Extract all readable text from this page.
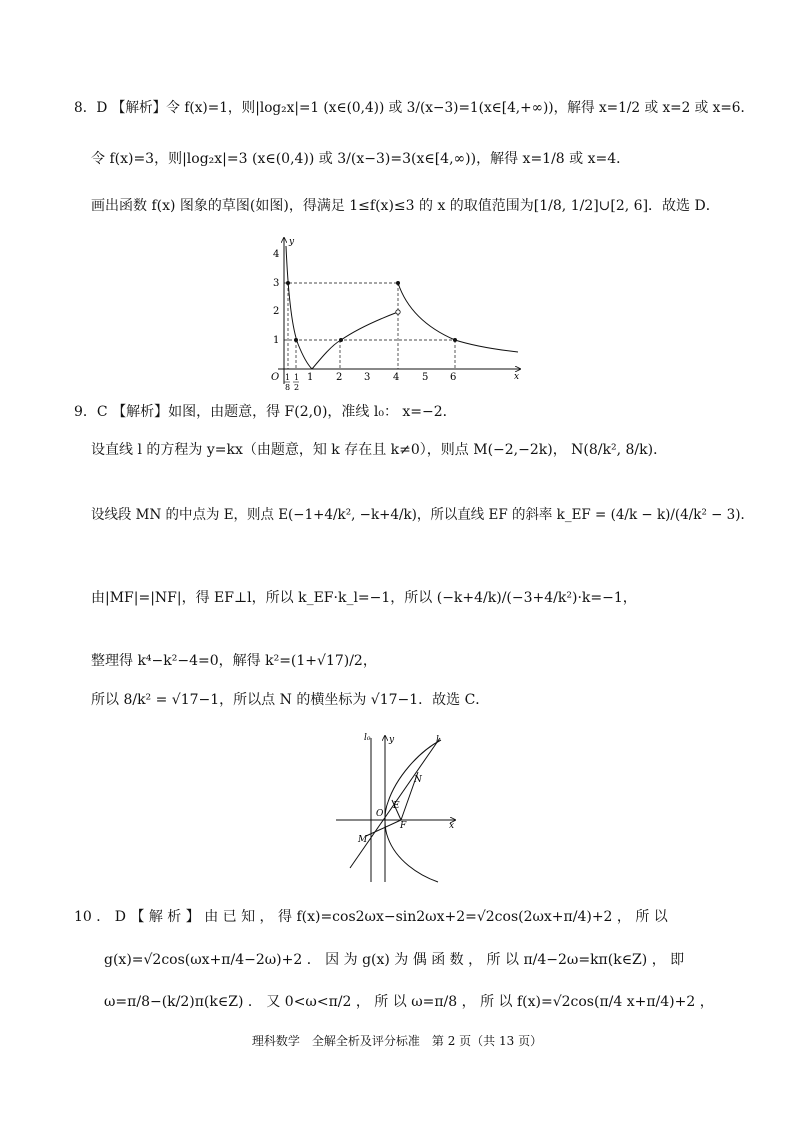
8．D 【解析】令 f(x)=1，则|log₂x|=1 (x∈(0,4)) 或 3/(x−3)=1(x∈[4,+∞))，解得 x=1/2 或 x=2 或 x=6．
令 f(x)=3，则|log₂x|=3 (x∈(0,4)) 或 3/(x−3)=3(x∈[4,∞))，解得 x=1/8 或 x=4．
画出函数 f(x) 图象的草图(如图)，得满足 1≤f(x)≤3 的 x 的取值范围为[1/8, 1/2]∪[2, 6]．故选 D．
y
x
O
1
2
3
4
1 2 3 4 5 6
1
8
1
2
9．C 【解析】如图，由题意，得 F(2,0)，准线 l₀： x=−2．
设直线 l 的方程为 y=kx（由题意，知 k 存在且 k≠0），则点 M(−2,−2k)， N(8/k², 8/k)．
设线段 MN 的中点为 E，则点 E(−1+4/k², −k+4/k)，所以直线 EF 的斜率 k_EF = (4/k − k)/(4/k² − 3)．
由|MF|=|NF|，得 EF⊥l，所以 k_EF·k_l=−1，所以 (−k+4/k)/(−3+4/k²)·k=−1，
整理得 k⁴−k²−4=0，解得 k²=(1+√17)/2，
所以 8/k² = √17−1，所以点 N 的横坐标为 √17−1．故选 C．
l₀ y	l
N
E
O
F
M
x
10 ． D 【 解 析 】 由 已 知 ， 得 f(x)=cos2ωx−sin2ωx+2=√2cos(2ωx+π/4)+2 ， 所 以
g(x)=√2cos(ωx+π/4−2ω)+2 ． 因 为 g(x) 为 偶 函 数 ， 所 以 π/4−2ω=kπ(k∈Z) ， 即
ω=π/8−(k/2)π(k∈Z) ． 又 0<ω<π/2 ， 所 以 ω=π/8 ， 所 以 f(x)=√2cos(π/4 x+π/4)+2 ，
理科数学　全解全析及评分标准　第 2 页（共 13 页）
